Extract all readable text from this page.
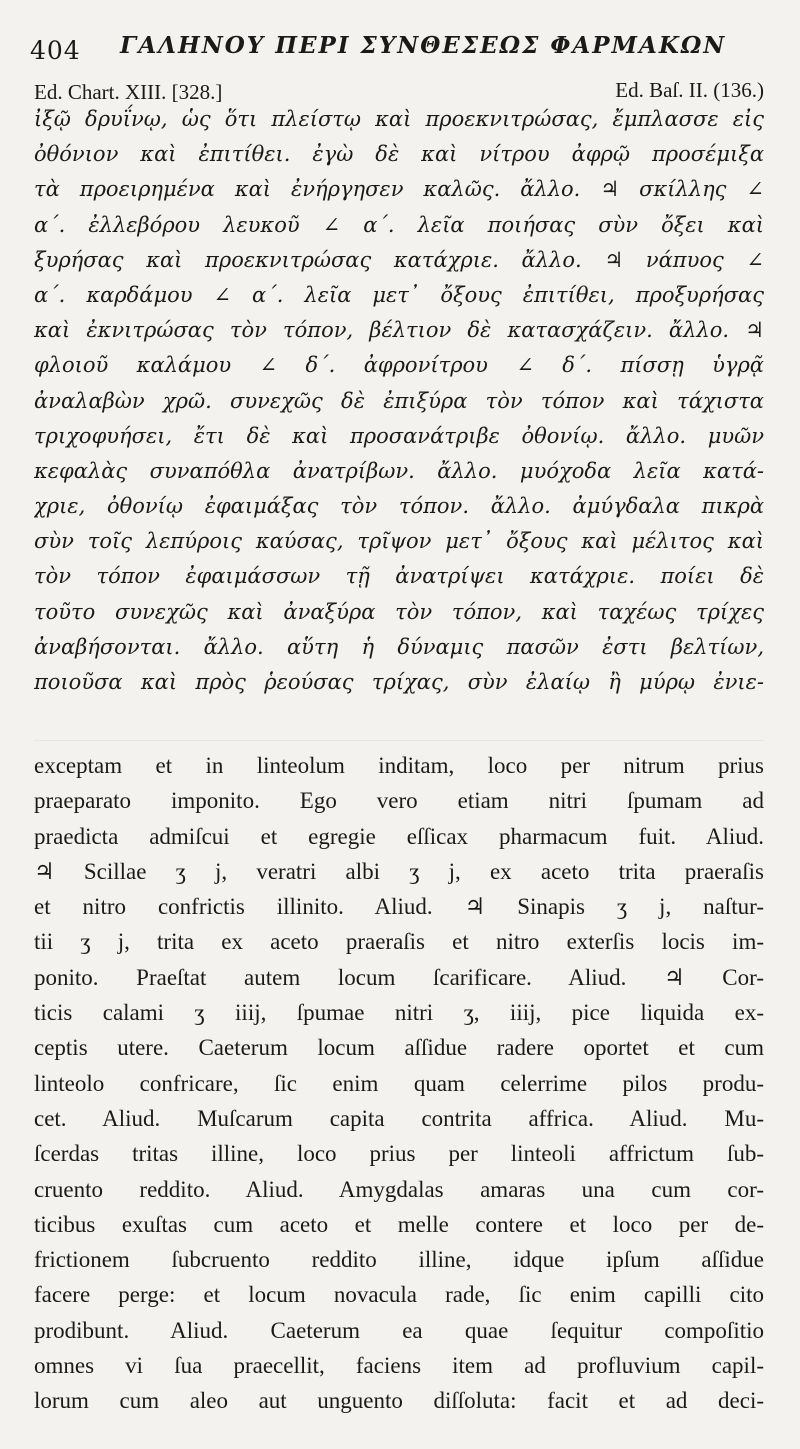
404 ΓΑΛΗΝΟΥ ΠΕΡΙ ΣΥΝΘΕΣΕΩΣ ΦΑΡΜΑΚΩΝ
Ed. Chart. XIII. [328.]	Ed. Baſ. II. (136.)
ἰξῷ δρυΐνῳ, ὡς ὅτι πλείστῳ καὶ προεκνιτρώσας, ἔμπλασσε εἰς
ὀθόνιον καὶ ἐπιτίθει. ἐγὼ δὲ καὶ νίτρου ἀφρῷ προσέμιξα
τὰ προειρημένα καὶ ἐνήργησεν καλῶς. ἄλλο. ♃ σκίλλης ∠
α΄. ἐλλεβόρου λευκοῦ ∠ α΄. λεῖα ποιήσας σὺν ὄξει καὶ
ξυρήσας καὶ προεκνιτρώσας κατάχριε. ἄλλο. ♃ νάπυος ∠
α΄. καρδάμου ∠ α΄. λεῖα μετ᾽ ὄξους ἐπιτίθει, προξυρήσας
καὶ ἐκνιτρώσας τὸν τόπον, βέλτιον δὲ κατασχάζειν. ἄλλο. ♃
φλοιοῦ καλάμου ∠ δ΄. ἀφρονίτρου ∠ δ΄. πίσσῃ ὑγρᾷ
ἀναλαβὼν χρῶ. συνεχῶς δὲ ἐπιξύρα τὸν τόπον καὶ τάχιστα
τριχοφυήσει, ἔτι δὲ καὶ προσανάτριβε ὀθονίῳ. ἄλλο. μυῶν
κεφαλὰς συναπόθλα ἀνατρίβων. ἄλλο. μυόχοδα λεῖα κατά-
χριε, ὀθονίῳ ἐφαιμάξας τὸν τόπον. ἄλλο. ἀμύγδαλα πικρὰ
σὺν τοῖς λεπύροις καύσας, τρῖψον μετ᾽ ὄξους καὶ μέλιτος καὶ
τὸν τόπον ἐφαιμάσσων τῇ ἀνατρίψει κατάχριε. ποίει δὲ
τοῦτο συνεχῶς καὶ ἀναξύρα τὸν τόπον, καὶ ταχέως τρίχες
ἀναβήσονται. ἄλλο. αὕτη ἡ δύναμις πασῶν ἐστι βελτίων,
ποιοῦσα καὶ πρὸς ῥεούσας τρίχας, σὺν ἐλαίῳ ἢ μύρῳ ἐνιε-
exceptam et in linteolum inditam, loco per nitrum prius
praeparato imponito. Ego vero etiam nitri ſpumam ad
praedicta admiſcui et egregie eſſicax pharmacum fuit. Aliud.
♃ Scillae ʒ j, veratri albi ʒ j, ex aceto trita praeraſis
et nitro confrictis illinito. Aliud. ♃ Sinapis ʒ j, naſtur-
tii ʒ j, trita ex aceto praeraſis et nitro exterſis locis im-
ponito. Praeſtat autem locum ſcarificare. Aliud. ♃ Cor-
ticis calami ʒ iiij, ſpumae nitri ʒ, iiij, pice liquida ex-
ceptis utere. Caeterum locum aſſidue radere oportet et cum
linteolo confricare, ſic enim quam celerrime pilos produ-
cet. Aliud. Muſcarum capita contrita affrica. Aliud. Mu-
ſcerdas tritas illine, loco prius per linteoli affrictum ſub-
cruento reddito. Aliud. Amygdalas amaras una cum cor-
ticibus exuſtas cum aceto et melle contere et loco per de-
frictionem ſubcruento reddito illine, idque ipſum aſſidue
facere perge: et locum novacula rade, ſic enim capilli cito
prodibunt. Aliud. Caeterum ea quae ſequitur compoſitio
omnes vi ſua praecellit, faciens item ad profluvium capil-
lorum cum aleo aut unguento diſſoluta: facit et ad deci-
